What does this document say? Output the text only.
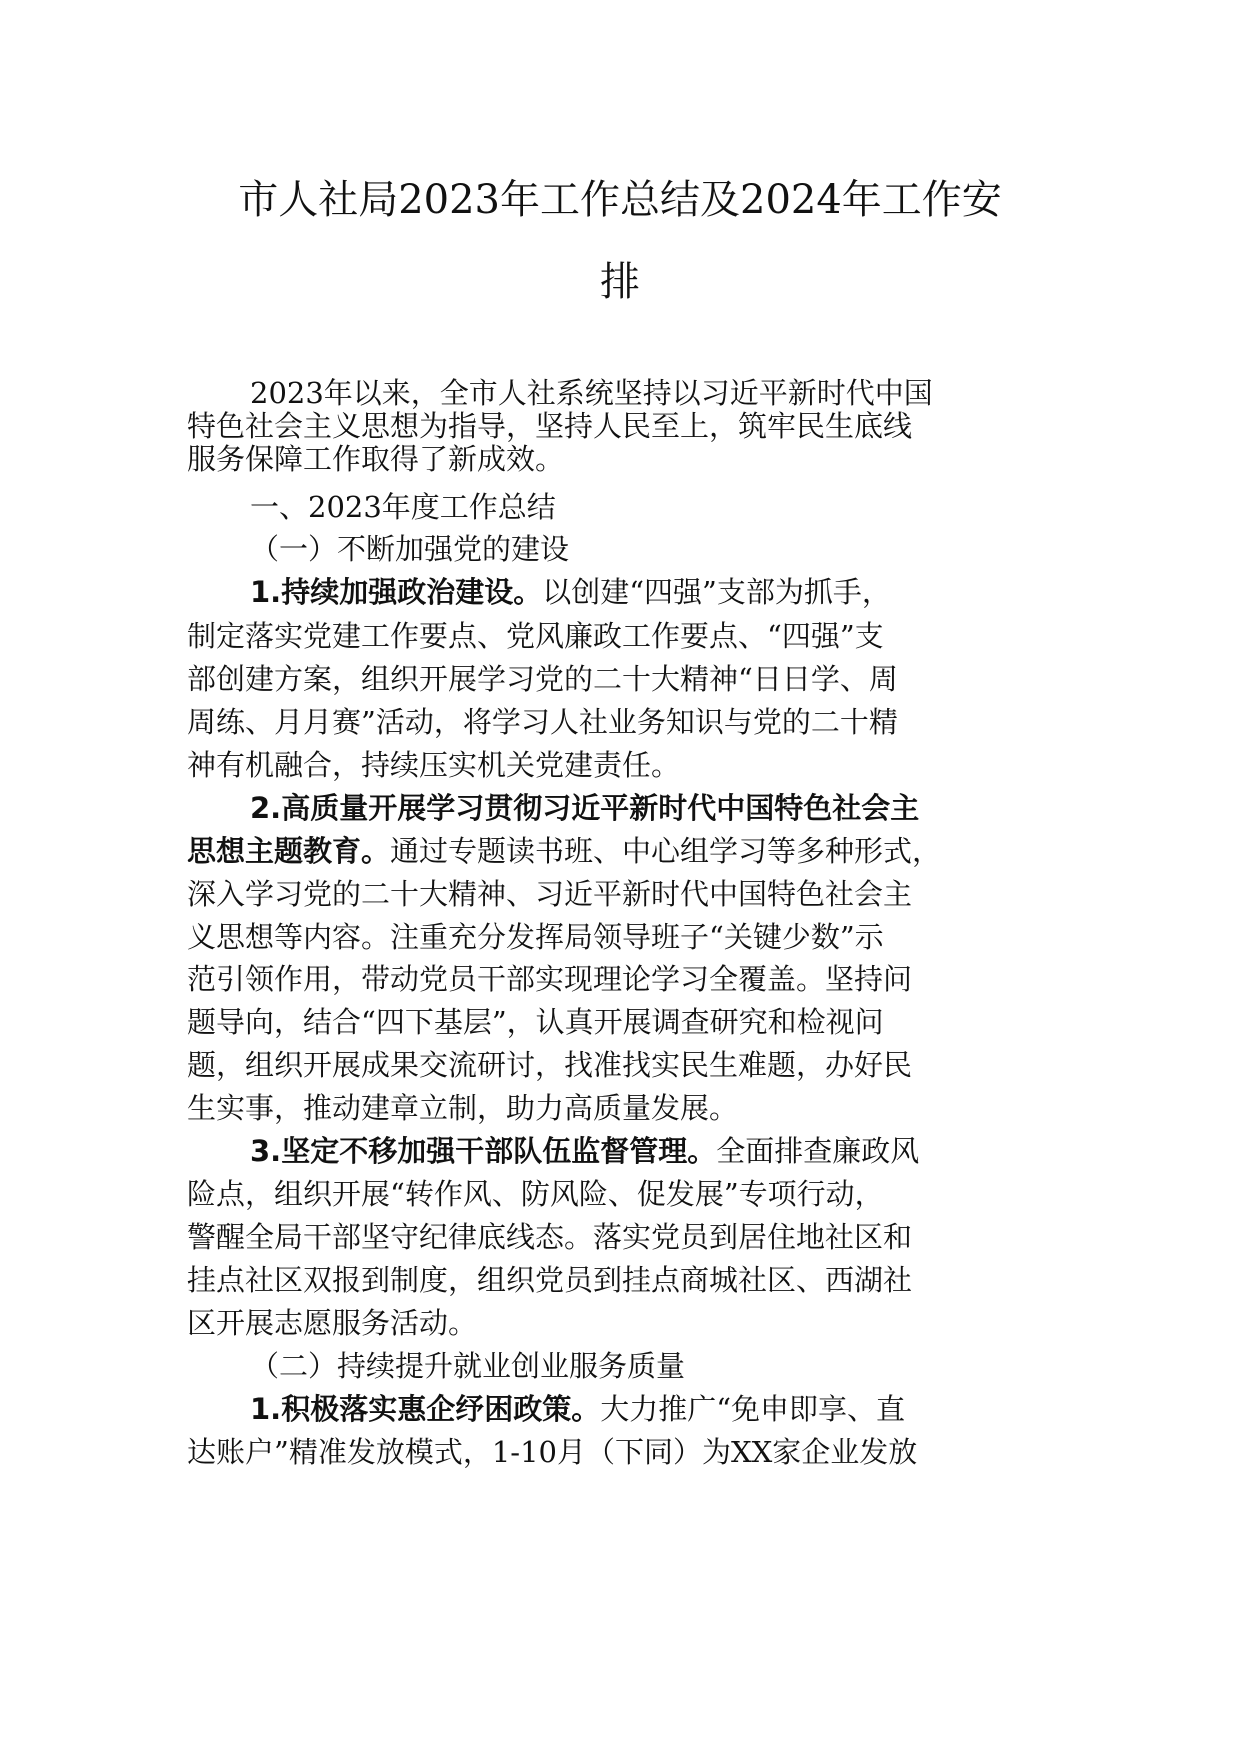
市人社局2023年工作总结及2024年工作安
排
2023年以来，全市人社系统坚持以习近平新时代中国
特色社会主义思想为指导，坚持人民至上，筑牢民生底线
服务保障工作取得了新成效。
一、2023年度工作总结
（一）不断加强党的建设
1.持续加强政治建设。以创建“四强”支部为抓手，
制定落实党建工作要点、党风廉政工作要点、“四强”支
部创建方案，组织开展学习党的二十大精神“日日学、周
周练、月月赛”活动，将学习人社业务知识与党的二十精
神有机融合，持续压实机关党建责任。
2.高质量开展学习贯彻习近平新时代中国特色社会主
思想主题教育。通过专题读书班、中心组学习等多种形式，
深入学习党的二十大精神、习近平新时代中国特色社会主
义思想等内容。注重充分发挥局领导班子“关键少数”示
范引领作用，带动党员干部实现理论学习全覆盖。坚持问
题导向，结合“四下基层”，认真开展调查研究和检视问
题，组织开展成果交流研讨，找准找实民生难题，办好民
生实事，推动建章立制，助力高质量发展。
3.坚定不移加强干部队伍监督管理。全面排查廉政风
险点，组织开展“转作风、防风险、促发展”专项行动，
警醒全局干部坚守纪律底线态。落实党员到居住地社区和
挂点社区双报到制度，组织党员到挂点商城社区、西湖社
区开展志愿服务活动。
（二）持续提升就业创业服务质量
1.积极落实惠企纾困政策。大力推广“免申即享、直
达账户”精准发放模式，1-10月（下同）为XX家企业发放
